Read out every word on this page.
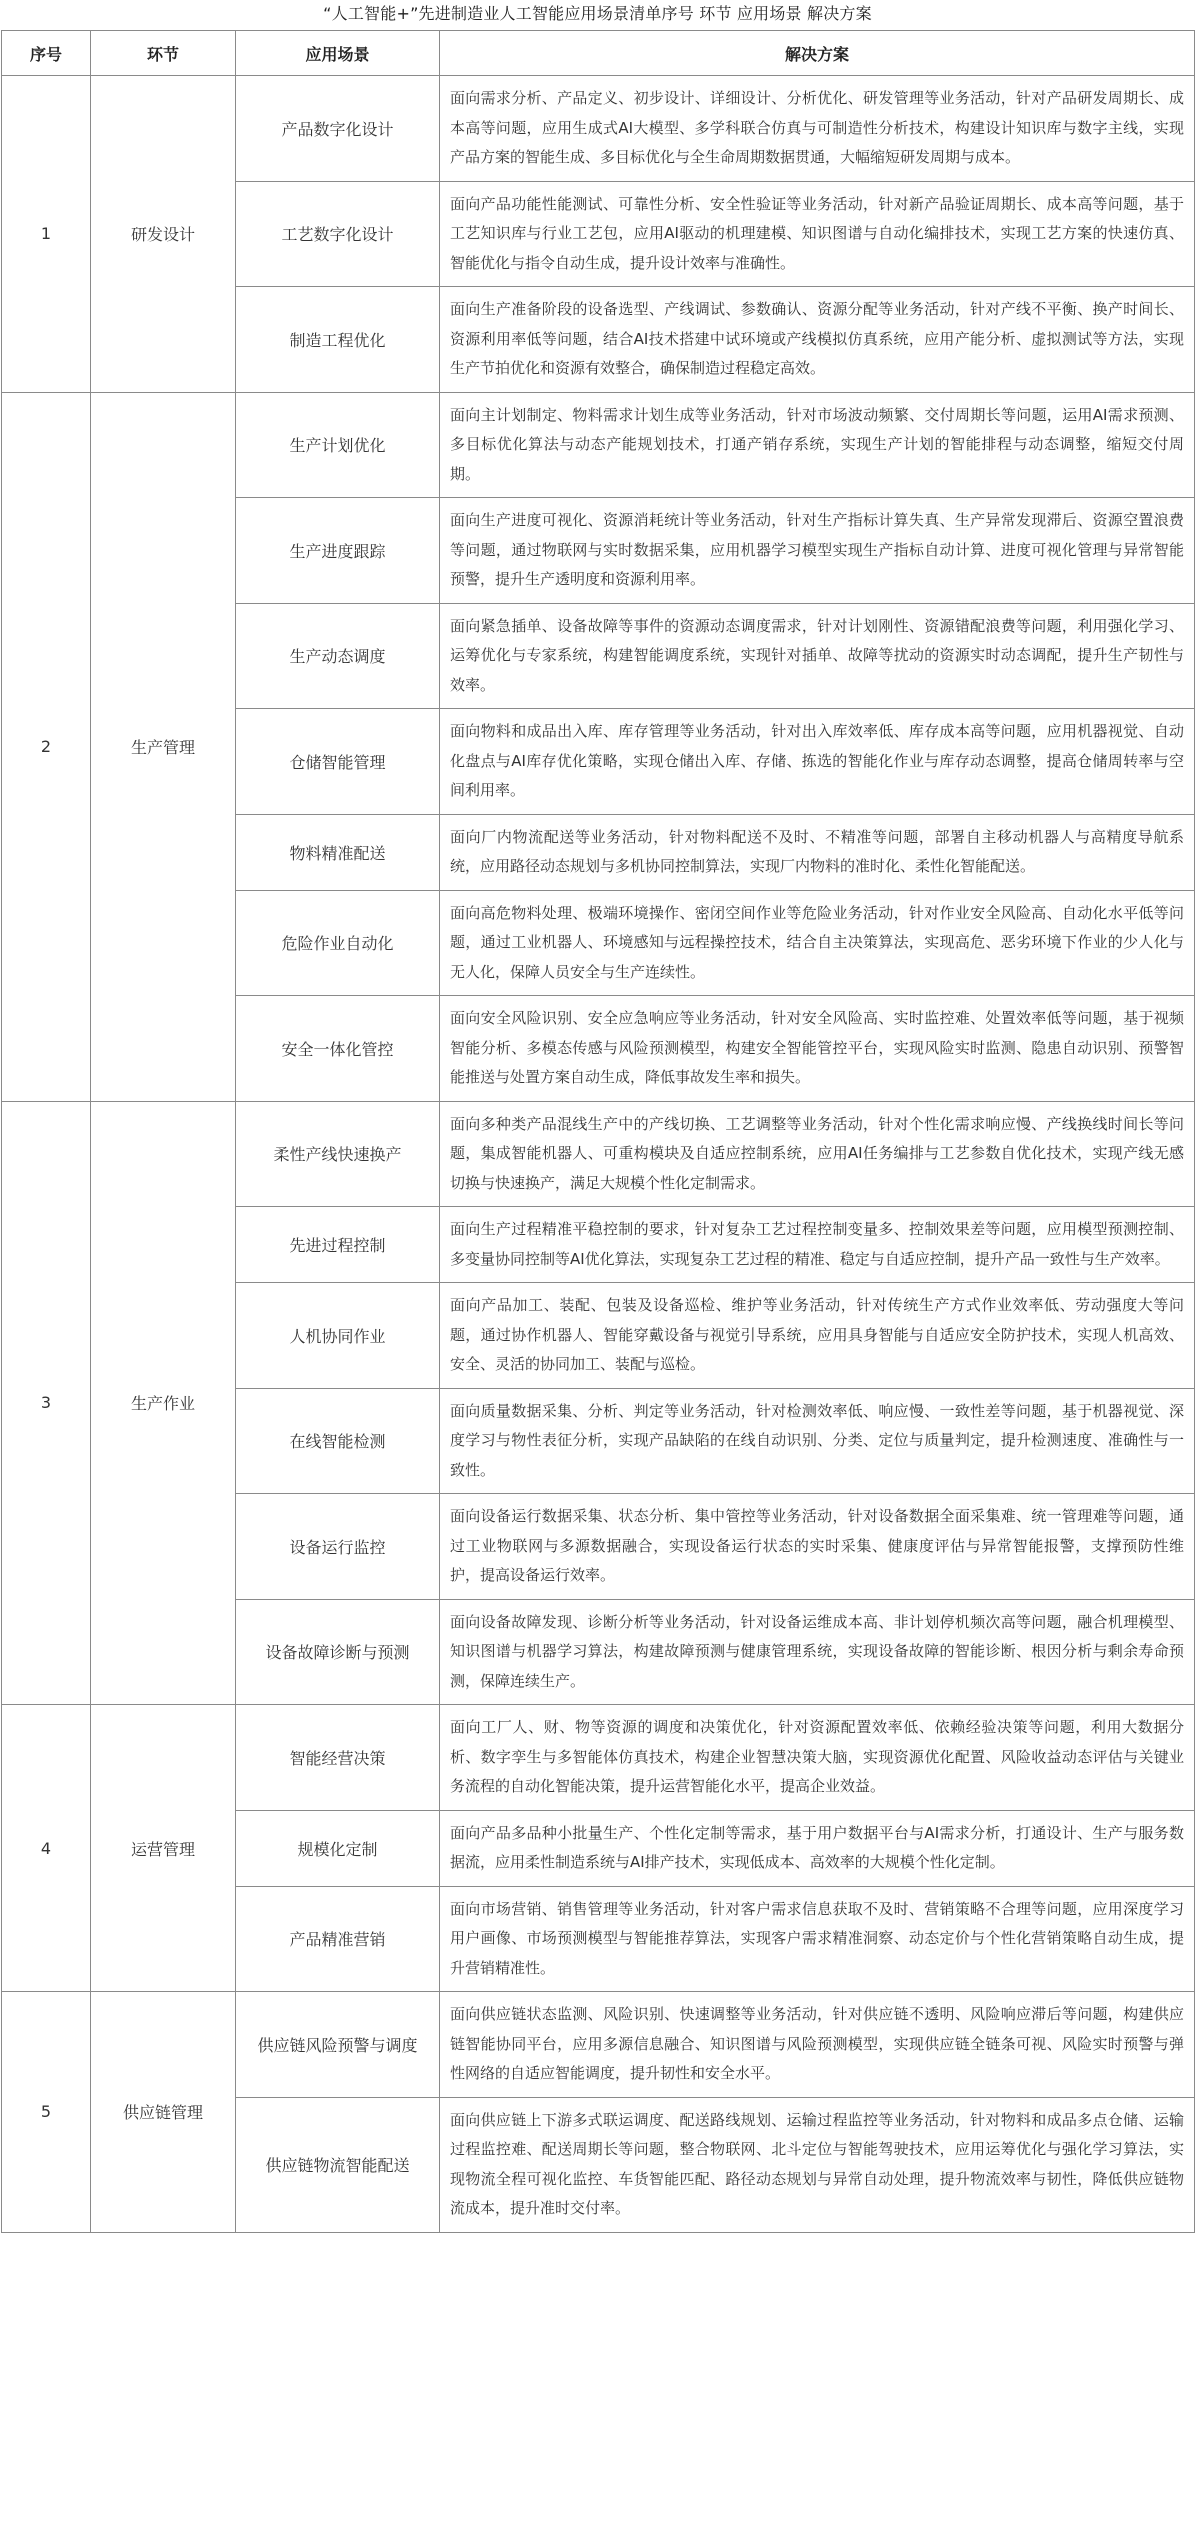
“人工智能+”先进制造业人工智能应用场景清单序号 环节 应用场景 解决方案
序号	环节	应用场景	解决方案
1	研发设计	产品数字化设计	面向需求分析、产品定义、初步设计、详细设计、分析优化、研发管理等业务活动，针对产品研发周期长、成本高等问题，应用生成式AI大模型、多学科联合仿真与可制造性分析技术，构建设计知识库与数字主线，实现产品方案的智能生成、多目标优化与全生命周期数据贯通，大幅缩短研发周期与成本。
		工艺数字化设计	面向产品功能性能测试、可靠性分析、安全性验证等业务活动，针对新产品验证周期长、成本高等问题，基于工艺知识库与行业工艺包，应用AI驱动的机理建模、知识图谱与自动化编排技术，实现工艺方案的快速仿真、智能优化与指令自动生成，提升设计效率与准确性。
		制造工程优化	面向生产准备阶段的设备选型、产线调试、参数确认、资源分配等业务活动，针对产线不平衡、换产时间长、资源利用率低等问题，结合AI技术搭建中试环境或产线模拟仿真系统，应用产能分析、虚拟测试等方法，实现生产节拍优化和资源有效整合，确保制造过程稳定高效。
2	生产管理	生产计划优化	面向主计划制定、物料需求计划生成等业务活动，针对市场波动频繁、交付周期长等问题，运用AI需求预测、多目标优化算法与动态产能规划技术，打通产销存系统，实现生产计划的智能排程与动态调整，缩短交付周期。
		生产进度跟踪	面向生产进度可视化、资源消耗统计等业务活动，针对生产指标计算失真、生产异常发现滞后、资源空置浪费等问题，通过物联网与实时数据采集，应用机器学习模型实现生产指标自动计算、进度可视化管理与异常智能预警，提升生产透明度和资源利用率。
		生产动态调度	面向紧急插单、设备故障等事件的资源动态调度需求，针对计划刚性、资源错配浪费等问题，利用强化学习、运筹优化与专家系统，构建智能调度系统，实现针对插单、故障等扰动的资源实时动态调配，提升生产韧性与效率。
		仓储智能管理	面向物料和成品出入库、库存管理等业务活动，针对出入库效率低、库存成本高等问题，应用机器视觉、自动化盘点与AI库存优化策略，实现仓储出入库、存储、拣选的智能化作业与库存动态调整，提高仓储周转率与空间利用率。
		物料精准配送	面向厂内物流配送等业务活动，针对物料配送不及时、不精准等问题，部署自主移动机器人与高精度导航系统，应用路径动态规划与多机协同控制算法，实现厂内物料的准时化、柔性化智能配送。
		危险作业自动化	面向高危物料处理、极端环境操作、密闭空间作业等危险业务活动，针对作业安全风险高、自动化水平低等问题，通过工业机器人、环境感知与远程操控技术，结合自主决策算法，实现高危、恶劣环境下作业的少人化与无人化，保障人员安全与生产连续性。
		安全一体化管控	面向安全风险识别、安全应急响应等业务活动，针对安全风险高、实时监控难、处置效率低等问题，基于视频智能分析、多模态传感与风险预测模型，构建安全智能管控平台，实现风险实时监测、隐患自动识别、预警智能推送与处置方案自动生成，降低事故发生率和损失。
3	生产作业	柔性产线快速换产	面向多种类产品混线生产中的产线切换、工艺调整等业务活动，针对个性化需求响应慢、产线换线时间长等问题，集成智能机器人、可重构模块及自适应控制系统，应用AI任务编排与工艺参数自优化技术，实现产线无感切换与快速换产，满足大规模个性化定制需求。
		先进过程控制	面向生产过程精准平稳控制的要求，针对复杂工艺过程控制变量多、控制效果差等问题，应用模型预测控制、多变量协同控制等AI优化算法，实现复杂工艺过程的精准、稳定与自适应控制，提升产品一致性与生产效率。
		人机协同作业	面向产品加工、装配、包装及设备巡检、维护等业务活动，针对传统生产方式作业效率低、劳动强度大等问题，通过协作机器人、智能穿戴设备与视觉引导系统，应用具身智能与自适应安全防护技术，实现人机高效、安全、灵活的协同加工、装配与巡检。
		在线智能检测	面向质量数据采集、分析、判定等业务活动，针对检测效率低、响应慢、一致性差等问题，基于机器视觉、深度学习与物性表征分析，实现产品缺陷的在线自动识别、分类、定位与质量判定，提升检测速度、准确性与一致性。
		设备运行监控	面向设备运行数据采集、状态分析、集中管控等业务活动，针对设备数据全面采集难、统一管理难等问题，通过工业物联网与多源数据融合，实现设备运行状态的实时采集、健康度评估与异常智能报警，支撑预防性维护，提高设备运行效率。
		设备故障诊断与预测	面向设备故障发现、诊断分析等业务活动，针对设备运维成本高、非计划停机频次高等问题，融合机理模型、知识图谱与机器学习算法，构建故障预测与健康管理系统，实现设备故障的智能诊断、根因分析与剩余寿命预测，保障连续生产。
4	运营管理	智能经营决策	面向工厂人、财、物等资源的调度和决策优化，针对资源配置效率低、依赖经验决策等问题，利用大数据分析、数字孪生与多智能体仿真技术，构建企业智慧决策大脑，实现资源优化配置、风险收益动态评估与关键业务流程的自动化智能决策，提升运营智能化水平，提高企业效益。
		规模化定制	面向产品多品种小批量生产、个性化定制等需求，基于用户数据平台与AI需求分析，打通设计、生产与服务数据流，应用柔性制造系统与AI排产技术，实现低成本、高效率的大规模个性化定制。
		产品精准营销	面向市场营销、销售管理等业务活动，针对客户需求信息获取不及时、营销策略不合理等问题，应用深度学习用户画像、市场预测模型与智能推荐算法，实现客户需求精准洞察、动态定价与个性化营销策略自动生成，提升营销精准性。
5	供应链管理	供应链风险预警与调度	面向供应链状态监测、风险识别、快速调整等业务活动，针对供应链不透明、风险响应滞后等问题，构建供应链智能协同平台，应用多源信息融合、知识图谱与风险预测模型，实现供应链全链条可视、风险实时预警与弹性网络的自适应智能调度，提升韧性和安全水平。
		供应链物流智能配送	面向供应链上下游多式联运调度、配送路线规划、运输过程监控等业务活动，针对物料和成品多点仓储、运输过程监控难、配送周期长等问题，整合物联网、北斗定位与智能驾驶技术，应用运筹优化与强化学习算法，实现物流全程可视化监控、车货智能匹配、路径动态规划与异常自动处理，提升物流效率与韧性，降低供应链物流成本，提升准时交付率。
